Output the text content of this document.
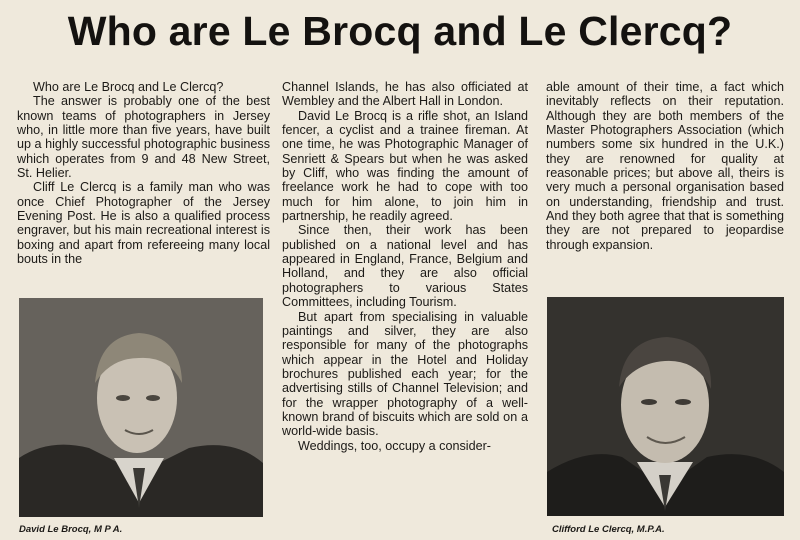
Who are Le Brocq and Le Clercq?

Who are Le Brocq and Le Clercq?

The answer is probably one of the best known teams of photographers in Jersey who, in little more than five years, have built up a highly successful photographic business which operates from 9 and 48 New Street, St. Helier.

Cliff Le Clercq is a family man who was once Chief Photographer of the Jersey Evening Post. He is also a qualified process engraver, but his main recreational interest is boxing and apart from refereeing many local bouts in the

Channel Islands, he has also officiated at Wembley and the Albert Hall in London.

David Le Brocq is a rifle shot, an Island fencer, a cyclist and a trainee fireman. At one time, he was Photographic Manager of Senriett & Spears but when he was asked by Cliff, who was finding the amount of freelance work he had to cope with too much for him alone, to join him in partnership, he readily agreed.

Since then, their work has been published on a national level and has appeared in England, France, Belgium and Holland, and they are also official photographers to various States Committees, including Tourism.

But apart from specialising in valuable paintings and silver, they are also responsible for many of the photographs which appear in the Hotel and Holiday brochures published each year; for the advertising stills of Channel Television; and for the wrapper photography of a well-known brand of biscuits which are sold on a world-wide basis.

Weddings, too, occupy a consider-

able amount of their time, a fact which inevitably reflects on their reputation. Although they are both members of the Master Photographers Association (which numbers some six hundred in the U.K.) they are renowned for quality at reasonable prices; but above all, theirs is very much a personal organisation based on understanding, friendship and trust. And they both agree that that is something they are not prepared to jeopardise through expansion.

David Le Brocq, M P A.	Clifford Le Clercq, M.P.A.
